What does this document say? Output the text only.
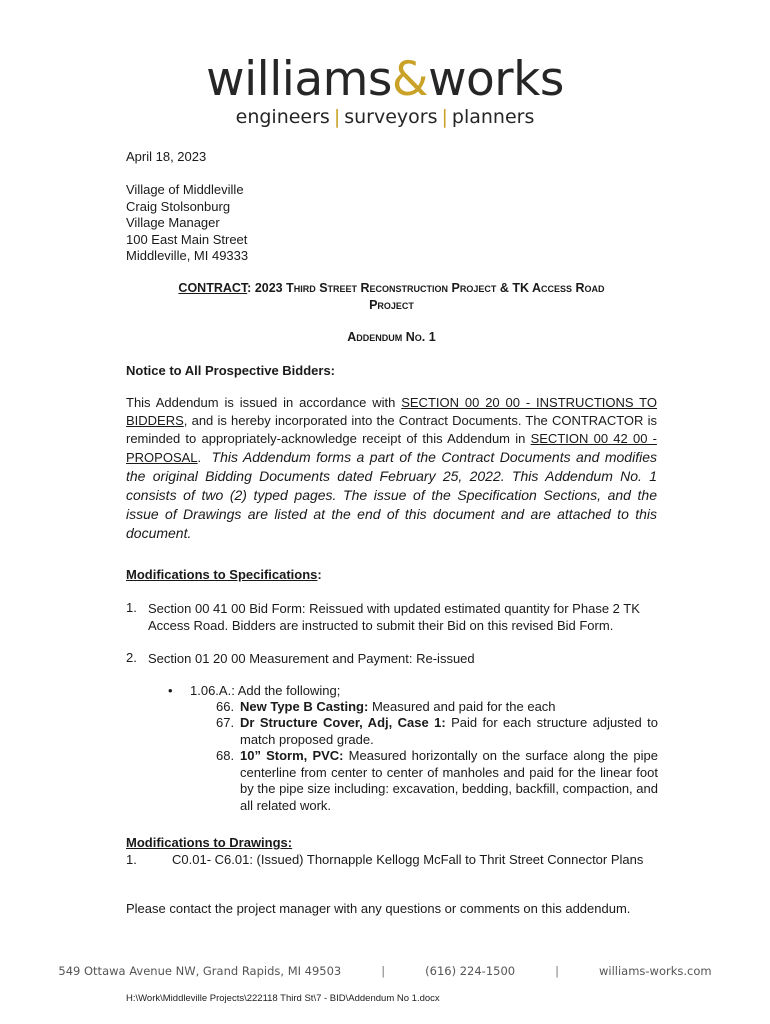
williams&works
engineers | surveyors | planners
April 18, 2023
Village of Middleville
Craig Stolsonburg
Village Manager
100 East Main Street
Middleville, MI 49333
CONTRACT: 2023 Third Street Reconstruction Project & TK Access Road
Project
Addendum No. 1
Notice to All Prospective Bidders:
This Addendum is issued in accordance with SECTION 00 20 00 - INSTRUCTIONS TO BIDDERS, and is hereby incorporated into the Contract Documents. The CONTRACTOR is reminded to appropriately-acknowledge receipt of this Addendum in SECTION 00 42 00 - PROPOSAL. This Addendum forms a part of the Contract Documents and modifies the original Bidding Documents dated February 25, 2022. This Addendum No. 1 consists of two (2) typed pages. The issue of the Specification Sections, and the issue of Drawings are listed at the end of this document and are attached to this document.
Modifications to Specifications:
1. Section 00 41 00 Bid Form: Reissued with updated estimated quantity for Phase 2 TK Access Road. Bidders are instructed to submit their Bid on this revised Bid Form.
2. Section 01 20 00 Measurement and Payment: Re-issued
• 1.06.A.: Add the following;
66. New Type B Casting: Measured and paid for the each
67. Dr Structure Cover, Adj, Case 1: Paid for each structure adjusted to match proposed grade.
68. 10” Storm, PVC: Measured horizontally on the surface along the pipe centerline from center to center of manholes and paid for the linear foot by the pipe size including: excavation, bedding, backfill, compaction, and all related work.
Modifications to Drawings:
1.	C0.01- C6.01: (Issued) Thornapple Kellogg McFall to Thrit Street Connector Plans
Please contact the project manager with any questions or comments on this addendum.
549 Ottawa Avenue NW, Grand Rapids, MI 49503	|	(616) 224-1500	|	williams-works.com
H:\Work\Middleville Projects\222118 Third St\7 - BID\Addendum No 1.docx
